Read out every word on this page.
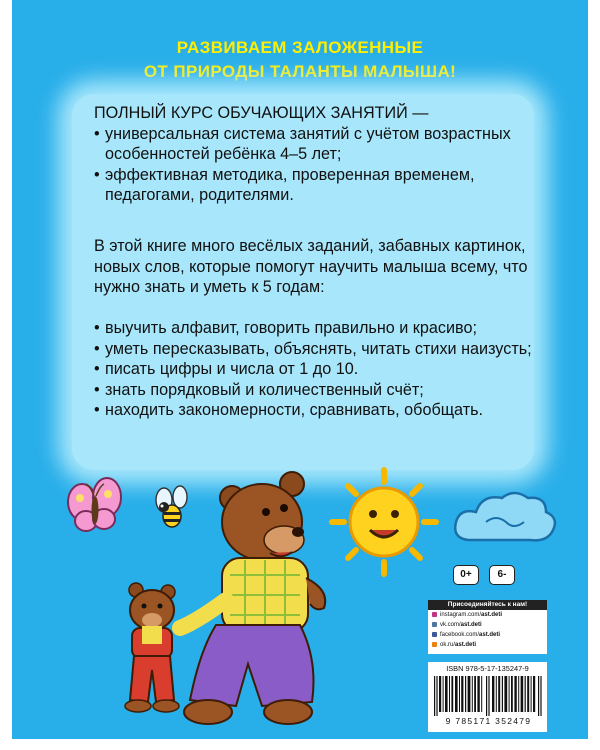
РАЗВИВАЕМ ЗАЛОЖЕННЫЕ
ОТ ПРИРОДЫ ТАЛАНТЫ МАЛЫША!
ПОЛНЫЙ КУРС ОБУЧАЮЩИХ ЗАНЯТИЙ —
• универсальная система занятий с учётом возрастных особенностей ребёнка 4–5 лет;
• эффективная методика, проверенная временем, педагогами, родителями.
В этой книге много весёлых заданий, забавных картинок, новых слов, которые помогут научить малыша всему, что нужно знать и уметь к 5 годам:
• выучить алфавит, говорить правильно и красиво;
• уметь пересказывать, объяснять, читать стихи наизусть;
• писать цифры и числа от 1 до 10.
• знать порядковый и количественный счёт;
• находить закономерности, сравнивать, обобщать.
0+	6-
Присоединяйтесь к нам!
instagram.com/ast.deti
vk.com/ast.deti
facebook.com/ast.deti
ok.ru/ast.deti
ISBN 978-5-17-135247-9
9 785171 352479
